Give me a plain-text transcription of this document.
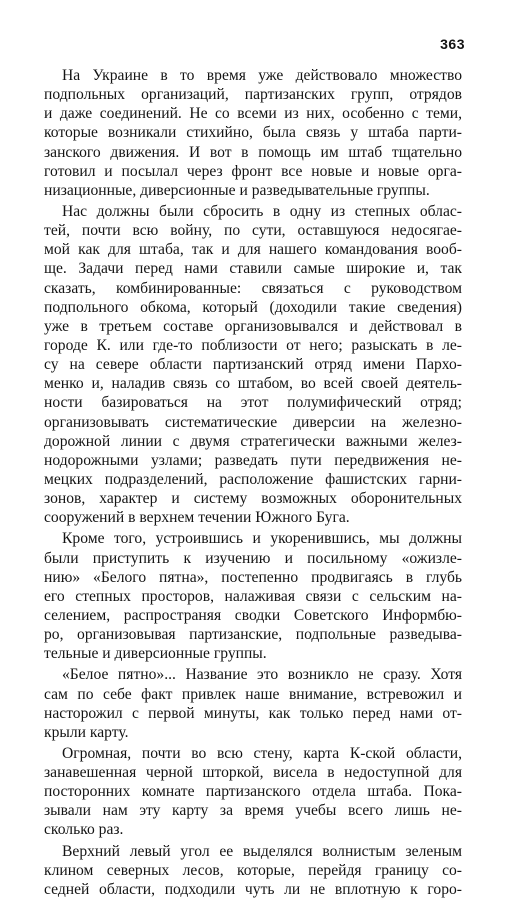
363
На Украине в то время уже действовало множество
подпольных организаций, партизанских групп, отрядов
и даже соединений. Не со всеми из них, особенно с теми,
которые возникали стихийно, была связь у штаба парти-
занского движения. И вот в помощь им штаб тщательно
готовил и посылал через фронт все новые и новые орга-
низационные, диверсионные и разведывательные группы.
Нас должны были сбросить в одну из степных облас-
тей, почти всю войну, по сути, оставшуюся недосягае-
мой как для штаба, так и для нашего командования вооб-
ще. Задачи перед нами ставили самые широкие и, так
сказать, комбинированные: связаться с руководством
подпольного обкома, который (доходили такие сведения)
уже в третьем составе организовывался и действовал в
городе К. или где-то поблизости от него; разыскать в ле-
су на севере области партизанский отряд имени Пархо-
менко и, наладив связь со штабом, во всей своей деятель-
ности базироваться на этот полумифический отряд;
организовывать систематические диверсии на железно-
дорожной линии с двумя стратегически важными желез-
нодорожными узлами; разведать пути передвижения не-
мецких подразделений, расположение фашистских гарни-
зонов, характер и систему возможных оборонительных
сооружений в верхнем течении Южного Буга.
Кроме того, устроившись и укоренившись, мы должны
были приступить к изучению и посильному «ожизле-
нию» «Белого пятна», постепенно продвигаясь в глубь
его степных просторов, налаживая связи с сельским на-
селением, распространяя сводки Советского Информбю-
ро, организовывая партизанские, подпольные разведыва-
тельные и диверсионные группы.
«Белое пятно»... Название это возникло не сразу. Хотя
сам по себе факт привлек наше внимание, встревожил и
насторожил с первой минуты, как только перед нами от-
крыли карту.
Огромная, почти во всю стену, карта К-ской области,
занавешенная черной шторкой, висела в недоступной для
посторонних комнате партизанского отдела штаба. Пока-
зывали нам эту карту за время учебы всего лишь не-
сколько раз.
Верхний левый угол ее выделялся волнистым зеленым
клином северных лесов, которые, перейдя границу со-
седней области, подходили чуть ли не вплотную к горо-
